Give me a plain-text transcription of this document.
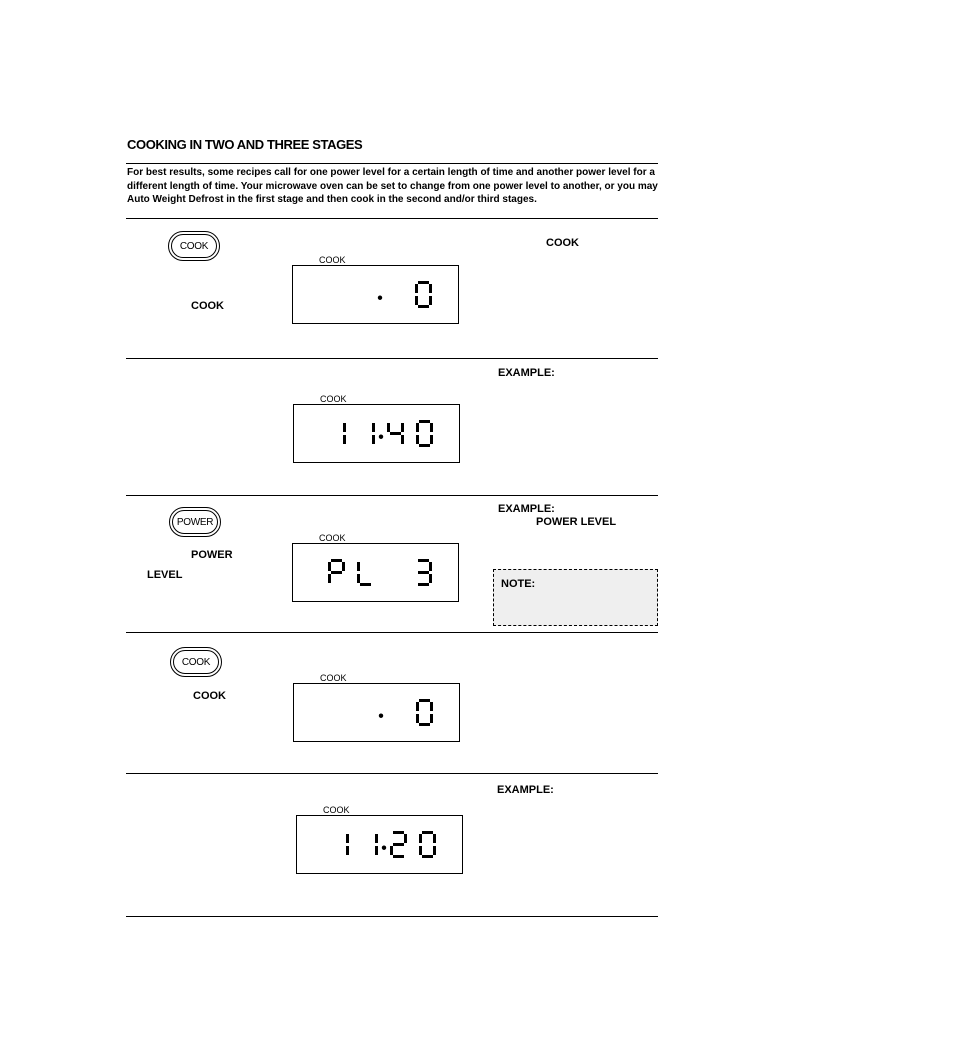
COOKING IN TWO AND THREE STAGES
For best results, some recipes call for one power level for a certain length of time and another power level for a different length of time. Your microwave oven can be set to change from one power level to another, or you may Auto Weight Defrost in the first stage and then cook in the second and/or third stages.
COOK
COOK
COOK
COOK
EXAMPLE:
COOK
POWER
POWER
LEVEL
EXAMPLE:
POWER LEVEL
COOK
NOTE:
COOK
COOK
COOK
EXAMPLE:
COOK
